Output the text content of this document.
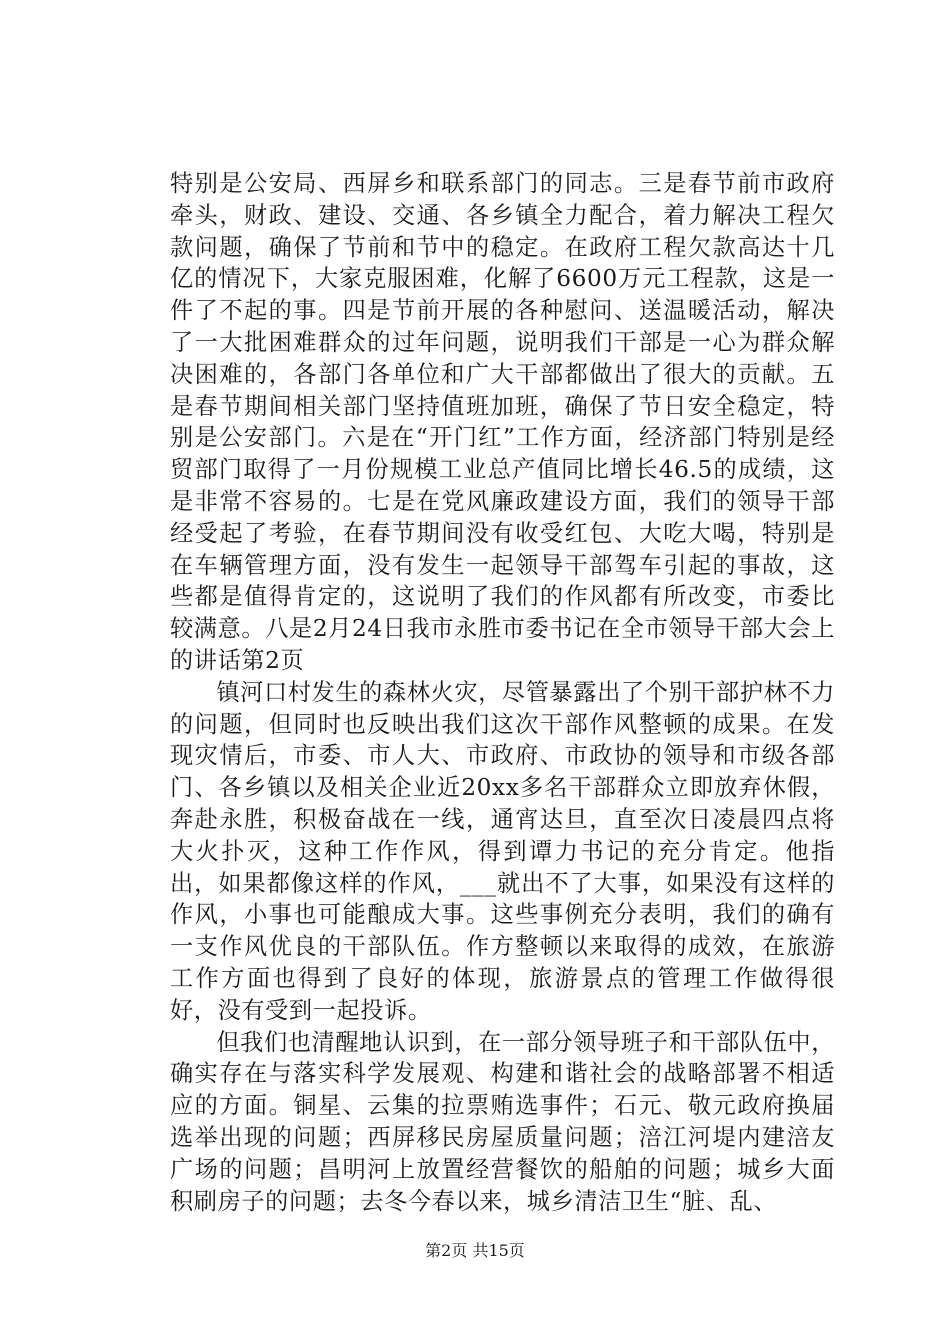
特别是公安局、西屏乡和联系部门的同志。三是春节前市政府牵头，财政、建设、交通、各乡镇全力配合，着力解决工程欠款问题，确保了节前和节中的稳定。在政府工程欠款高达十几亿的情况下，大家克服困难，化解了6600万元工程款，这是一件了不起的事。四是节前开展的各种慰问、送温暖活动，解决了一大批困难群众的过年问题，说明我们干部是一心为群众解决困难的，各部门各单位和广大干部都做出了很大的贡献。五是春节期间相关部门坚持值班加班，确保了节日安全稳定，特别是公安部门。六是在“开门红”工作方面，经济部门特别是经贸部门取得了一月份规模工业总产值同比增长46.5的成绩，这是非常不容易的。七是在党风廉政建设方面，我们的领导干部经受起了考验，在春节期间没有收受红包、大吃大喝，特别是在车辆管理方面，没有发生一起领导干部驾车引起的事故，这些都是值得肯定的，这说明了我们的作风都有所改变，市委比较满意。八是2月24日我市永胜市委书记在全市领导干部大会上的讲话第2页

镇河口村发生的森林火灾，尽管暴露出了个别干部护林不力的问题，但同时也反映出我们这次干部作风整顿的成果。在发现灾情后，市委、市人大、市政府、市政协的领导和市级各部门、各乡镇以及相关企业近20xx多名干部群众立即放弃休假，奔赴永胜，积极奋战在一线，通宵达旦，直至次日凌晨四点将大火扑灭，这种工作作风，得到谭力书记的充分肯定。他指出，如果都像这样的作风，___就出不了大事，如果没有这样的作风，小事也可能酿成大事。这些事例充分表明，我们的确有一支作风优良的干部队伍。作方整顿以来取得的成效，在旅游工作方面也得到了良好的体现，旅游景点的管理工作做得很好，没有受到一起投诉。

但我们也清醒地认识到，在一部分领导班子和干部队伍中，确实存在与落实科学发展观、构建和谐社会的战略部署不相适应的方面。铜星、云集的拉票贿选事件；石元、敬元政府换届选举出现的问题；西屏移民房屋质量问题；涪江河堤内建涪友广场的问题；昌明河上放置经营餐饮的船舶的问题；城乡大面积刷房子的问题；去冬今春以来，城乡清洁卫生“脏、乱、

第2页 共15页
